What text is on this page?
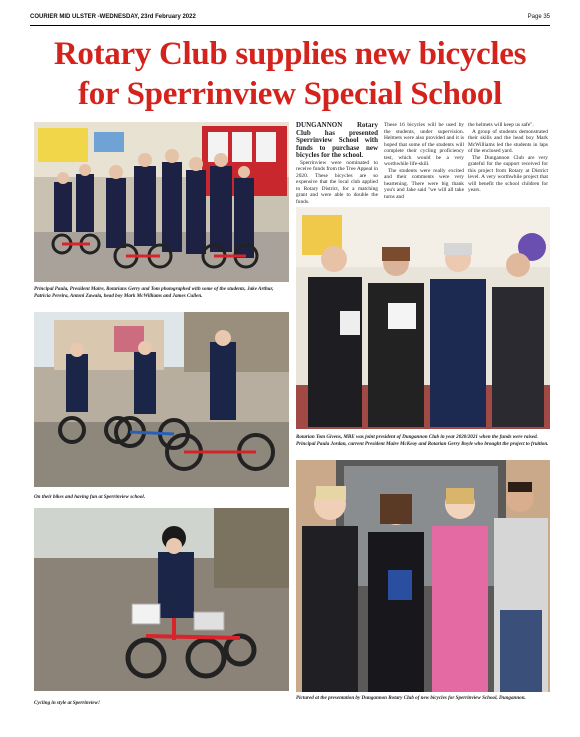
COURIER MID ULSTER -WEDNESDAY, 23rd February 2022	Page 35
Rotary Club supplies new bicycles
for Sperrinview Special School
Principal Paula, President Maire, Rotarians Gerry and Tom photographed with some of the students, Jake Arthur, Patricia Pereira, Antoni Zawala, head boy Mark McWilliams and James Cullen.
On their bikes and having fun at Sperrinview school.
Cycling in style at Sperrinview!

DUNGANNON Rotary Club has presented Sperrinview School with funds to purchase new bicycles for the school.

Sperrinview were nominated to receive funds from the Tree Appeal in 2020. These bicycles are so expensive that the local club applied to Rotary District, for a matching grant and were able to double the funds.

These 16 bicycles will be used by the students, under supervision. Helmets were also provided and it is hoped that some of the students will complete their cycling proficiency test, which would be a very worthwhile life-skill.

The students were really excited and their comments were very heartening. There were big thank you's and Jake said "we will all take turns and

the helmets will keep us safe".

A group of students demonstrated their skills and the head boy Mark McWilliams led the students in laps of the enclosed yard.

The Dungannon Club are very grateful for the support received for this project from Rotary at District level. A very worthwhile project that will benefit the school children for years.

Rotarian Tom Givens, MBE was joint president of Dungannon Club in year 2020/2021 when the funds were raised. Principal Paula Jordan, current President Maire McKeoy and Rotarian Gerry Boyle who brought the project to fruition.
Pictured at the presentation by Dungannon Rotary Club of new bicycles for Sperrinview School, Dungannon.
